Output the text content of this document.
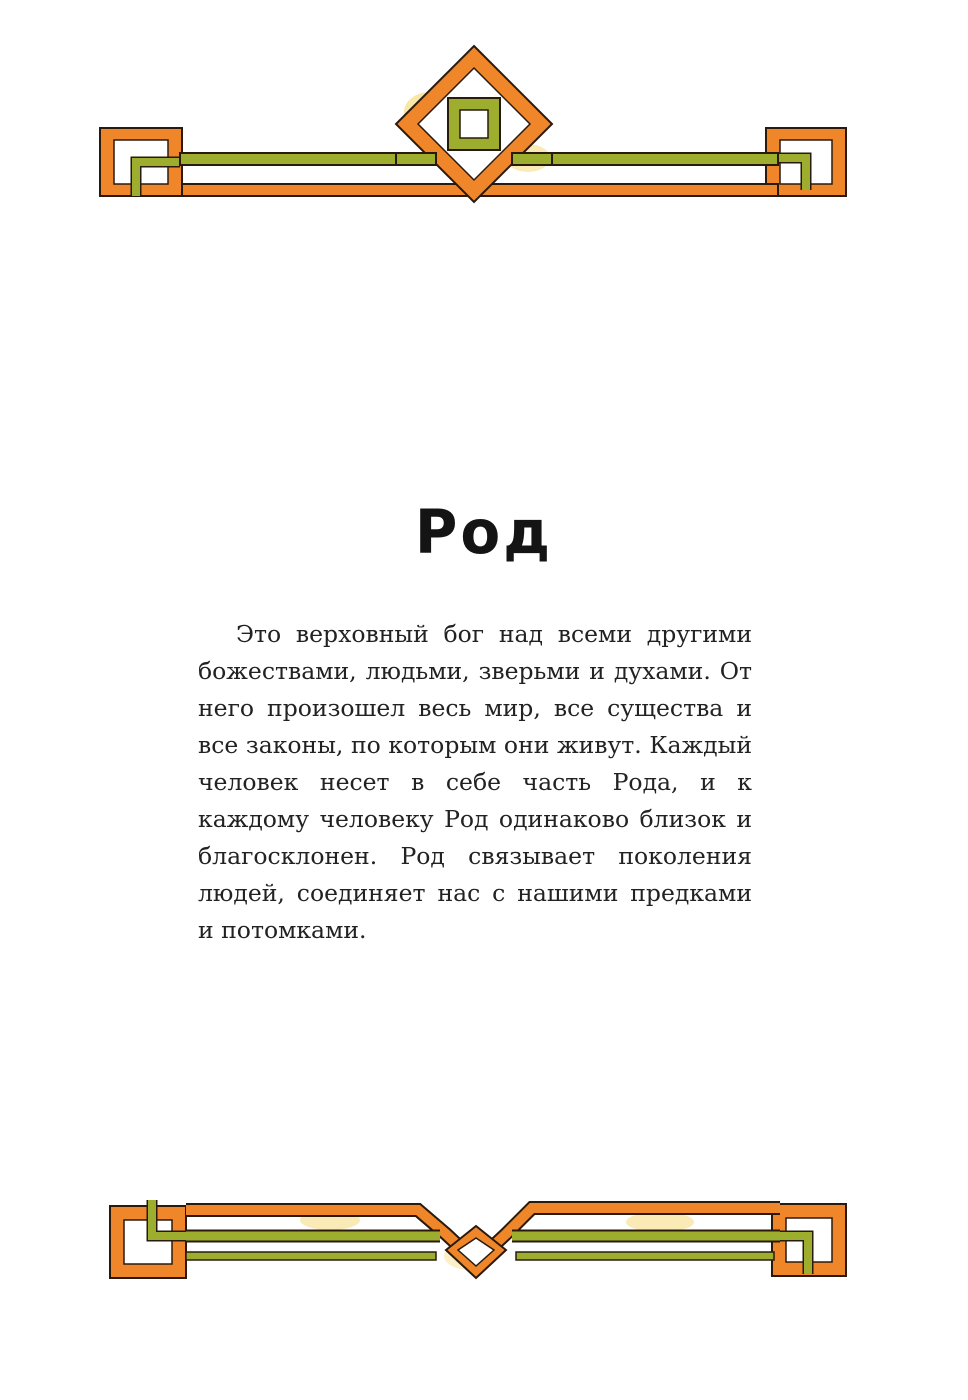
Род

Это верховный бог над всеми другими божествами, людьми, зверьми и духами. От него произошел весь мир, все существа и все законы, по которым они живут. Каждый человек несет в себе часть Рода, и к каждому человеку Род одинаково близок и благосклонен. Род связывает поколения людей, соединяет нас с нашими предками и потомками.
